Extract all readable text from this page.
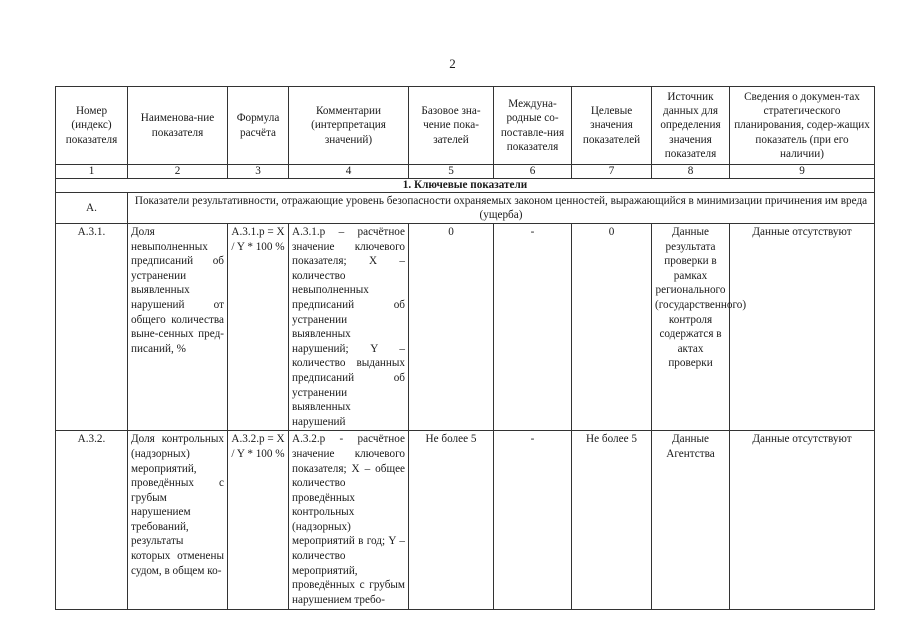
2
Номер (индекс) показателя	Наименова-ние показателя	Формула расчёта	Комментарии (интерпретация значений)	Базовое зна-чение пока-зателей	Междуна-родные со-поставле-ния показателя	Целевые значения показателей	Источник данных для определения значения показателя	Сведения о докумен-тах стратегического планирования, содер-жащих показатель (при его наличии)
1	2	3	4	5	6	7	8	9
1. Ключевые показатели								
А.	Показатели результативности, отражающие уровень безопасности охраняемых законом ценностей, выражающийся в минимизации причинения им вреда (ущерба)							
А.3.1.	Доля невыполненных предписаний об устранении выявленных нарушений от общего количества выне-сенных пред-писаний, %	А.3.1.р = X / Y * 100 %	А.3.1.р – расчётное значение ключевого показателя; X – количество невыполненных предписаний об устранении выявленных нарушений; Y – количество выданных предписаний об устранении выявленных нарушений	0	-	0	Данные результата проверки в рамках регионального (государственного) контроля содержатся в актах проверки	Данные отсутствуют
А.3.2.	Доля контрольных (надзорных) мероприятий, проведённых с грубым нарушением требований, результаты которых отменены судом, в общем ко-	А.3.2.р = X / Y * 100 %	А.3.2.р - расчётное значение ключевого показателя; X – общее количество проведённых контрольных (надзорных) мероприятий в год; Y – количество мероприятий, проведённых с грубым нарушением требо-	Не более 5	-	Не более 5	Данные Агентства	Данные отсутствуют
